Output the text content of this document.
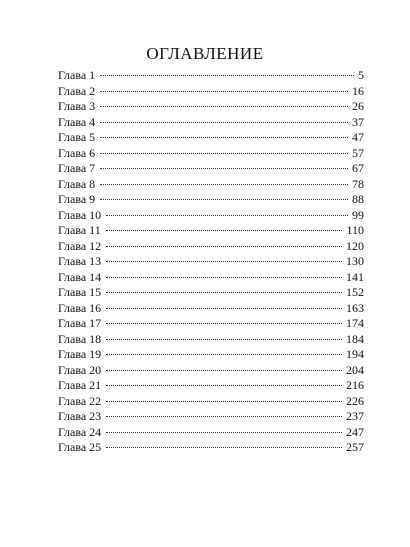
ОГЛАВЛЕНИЕ
Глава 1	5
Глава 2	16
Глава 3	26
Глава 4	37
Глава 5	47
Глава 6	57
Глава 7	67
Глава 8	78
Глава 9	88
Глава 10	99
Глава 11	110
Глава 12	120
Глава 13	130
Глава 14	141
Глава 15	152
Глава 16	163
Глава 17	174
Глава 18	184
Глава 19	194
Глава 20	204
Глава 21	216
Глава 22	226
Глава 23	237
Глава 24	247
Глава 25	257
